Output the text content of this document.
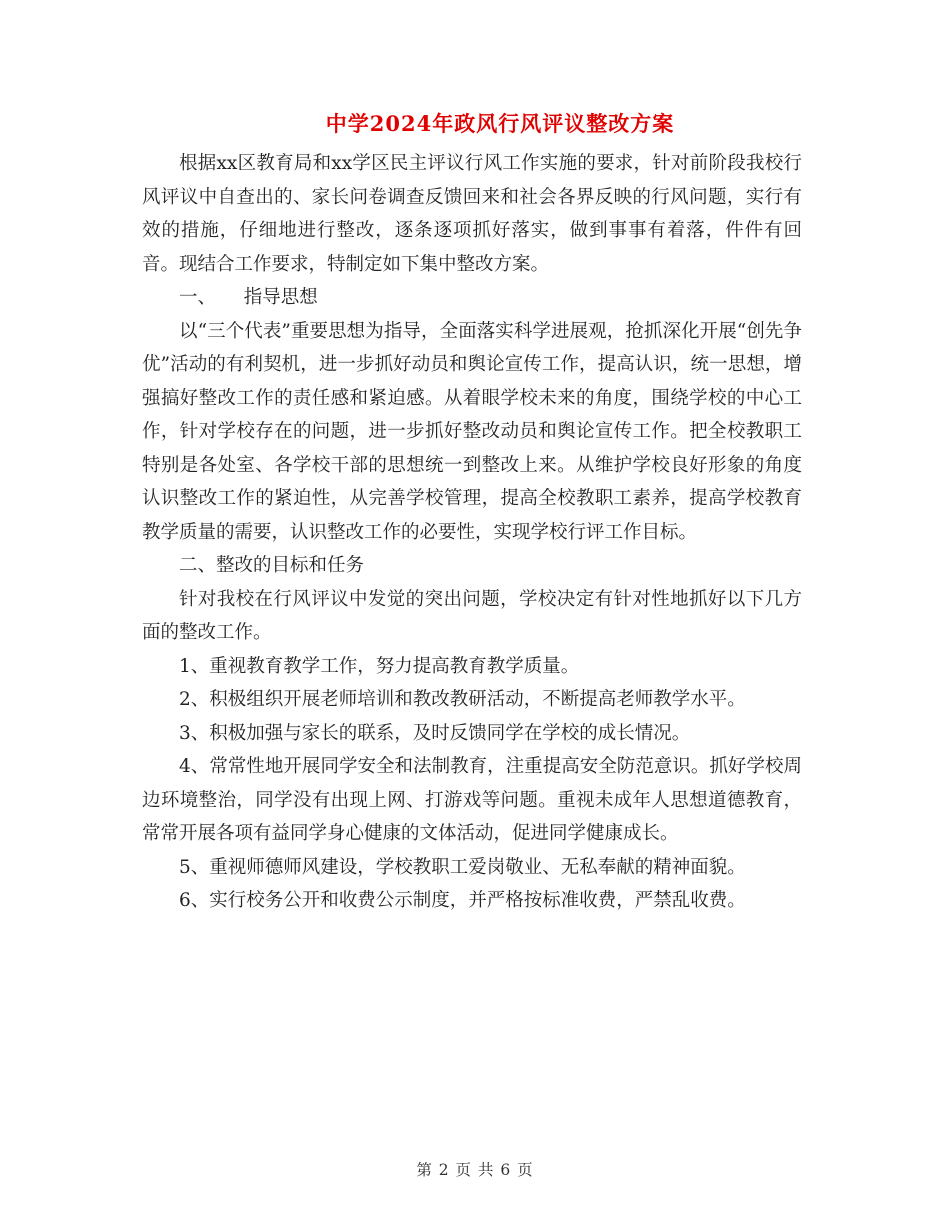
中学2024年政风行风评议整改方案

根据xx区教育局和xx学区民主评议行风工作实施的要求，针对前阶段我校行风评议中自查出的、家长问卷调查反馈回来和社会各界反映的行风问题，实行有效的措施，仔细地进行整改，逐条逐项抓好落实，做到事事有着落，件件有回音。现结合工作要求，特制定如下集中整改方案。

一、　　指导思想

以“三个代表”重要思想为指导，全面落实科学进展观，抢抓深化开展“创先争优”活动的有利契机，进一步抓好动员和舆论宣传工作，提高认识，统一思想，增强搞好整改工作的责任感和紧迫感。从着眼学校未来的角度，围绕学校的中心工作，针对学校存在的问题，进一步抓好整改动员和舆论宣传工作。把全校教职工特别是各处室、各学校干部的思想统一到整改上来。从维护学校良好形象的角度认识整改工作的紧迫性，从完善学校管理，提高全校教职工素养，提高学校教育教学质量的需要，认识整改工作的必要性，实现学校行评工作目标。

二、整改的目标和任务

针对我校在行风评议中发觉的突出问题，学校决定有针对性地抓好以下几方面的整改工作。

1、重视教育教学工作，努力提高教育教学质量。

2、积极组织开展老师培训和教改教研活动，不断提高老师教学水平。

3、积极加强与家长的联系，及时反馈同学在学校的成长情况。

4、常常性地开展同学安全和法制教育，注重提高安全防范意识。抓好学校周边环境整治，同学没有出现上网、打游戏等问题。重视未成年人思想道德教育，常常开展各项有益同学身心健康的文体活动，促进同学健康成长。

5、重视师德师风建设，学校教职工爱岗敬业、无私奉献的精神面貌。

6、实行校务公开和收费公示制度，并严格按标准收费，严禁乱收费。

第 2 页 共 6 页
